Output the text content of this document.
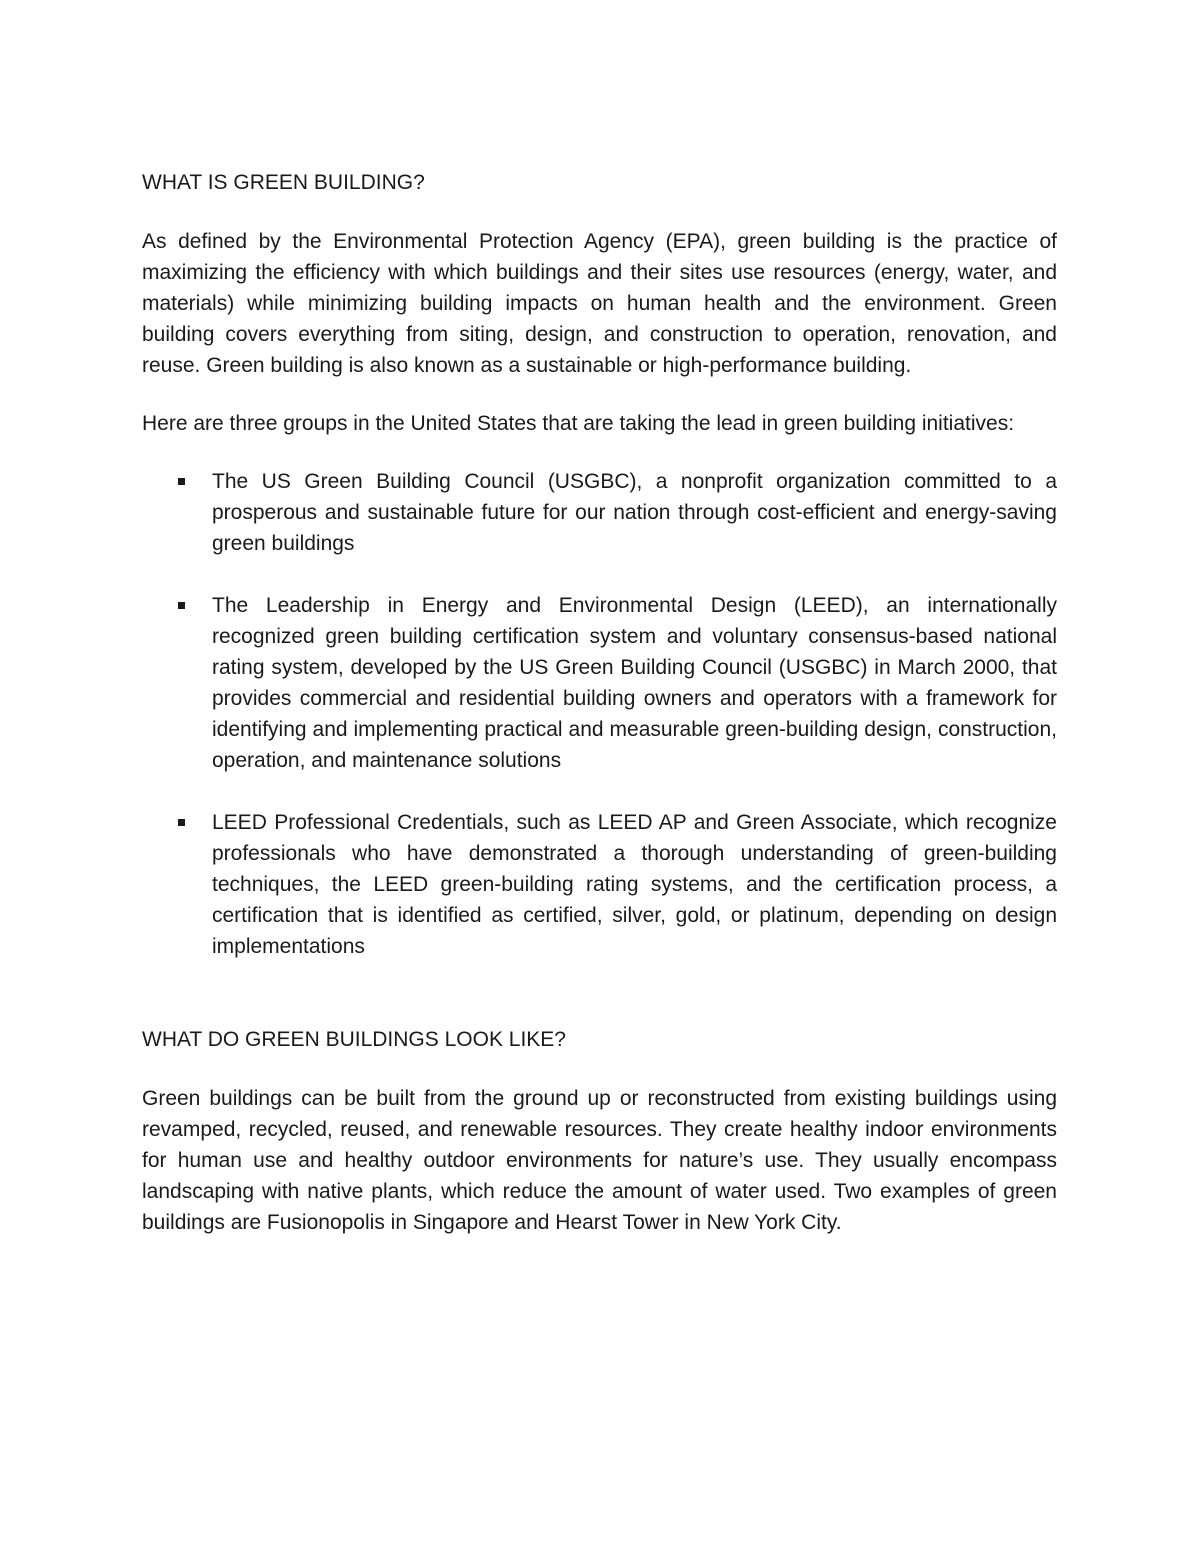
WHAT IS GREEN BUILDING?

As defined by the Environmental Protection Agency (EPA), green building is the practice of maximizing the efficiency with which buildings and their sites use resources (energy, water, and materials) while minimizing building impacts on human health and the environment. Green building covers everything from siting, design, and construction to operation, renovation, and reuse. Green building is also known as a sustainable or high-performance building.

Here are three groups in the United States that are taking the lead in green building initiatives:

The US Green Building Council (USGBC), a nonprofit organization committed to a prosperous and sustainable future for our nation through cost-efficient and energy-saving green buildings
The Leadership in Energy and Environmental Design (LEED), an internationally recognized green building certification system and voluntary consensus-based national rating system, developed by the US Green Building Council (USGBC) in March 2000, that provides commercial and residential building owners and operators with a framework for identifying and implementing practical and measurable green-building design, construction, operation, and maintenance solutions
LEED Professional Credentials, such as LEED AP and Green Associate, which recognize professionals who have demonstrated a thorough understanding of green-building techniques, the LEED green-building rating systems, and the certification process, a certification that is identified as certified, silver, gold, or platinum, depending on design implementations
WHAT DO GREEN BUILDINGS LOOK LIKE?

Green buildings can be built from the ground up or reconstructed from existing buildings using revamped, recycled, reused, and renewable resources. They create healthy indoor environments for human use and healthy outdoor environments for nature’s use. They usually encompass landscaping with native plants, which reduce the amount of water used. Two examples of green buildings are Fusionopolis in Singapore and Hearst Tower in New York City.
